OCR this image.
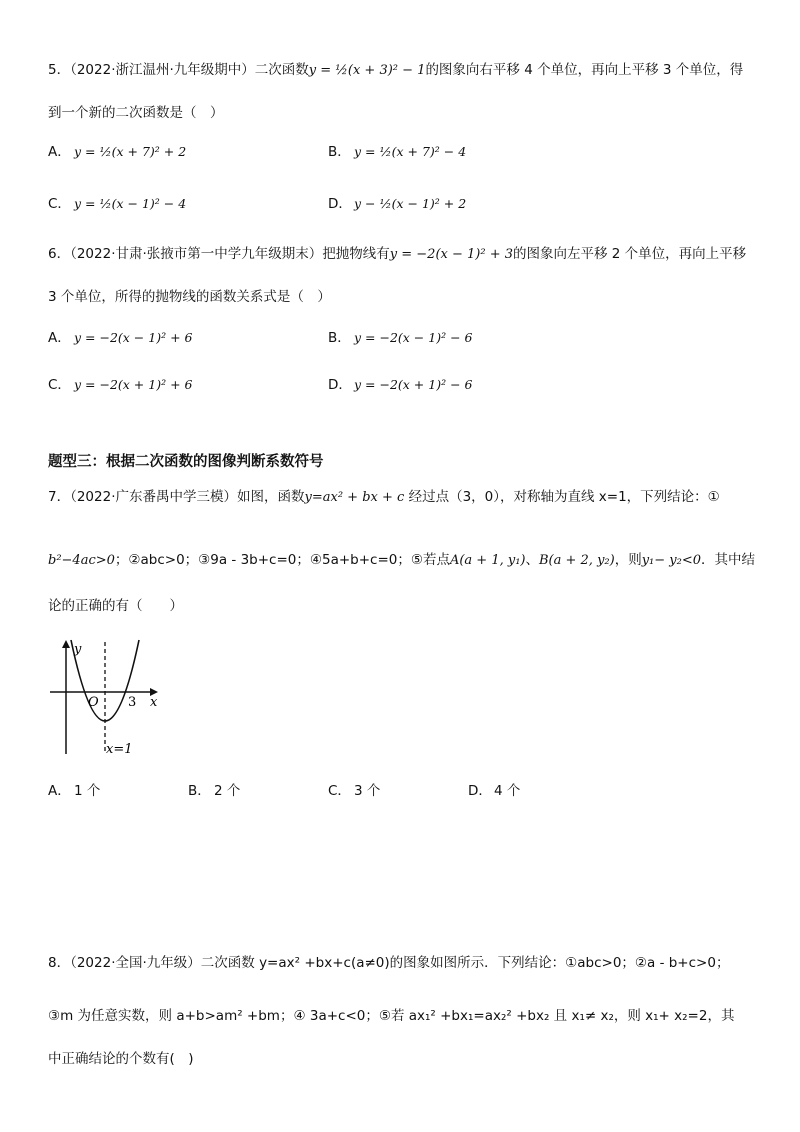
5．（2022·浙江温州·九年级期中）二次函数y = ½(x + 3)² − 1的图象向右平移 4 个单位，再向上平移 3 个单位，得
到一个新的二次函数是（　）
A． y = ½(x + 7)² + 2	B． y = ½(x + 7)² − 4
C． y = ½(x − 1)² − 4	D． y − ½(x − 1)² + 2
6．（2022·甘肃·张掖市第一中学九年级期末）把抛物线有y = −2(x − 1)² + 3的图象向左平移 2 个单位，再向上平移
3 个单位，所得的抛物线的函数关系式是（　）
A． y = −2(x − 1)² + 6	B． y = −2(x − 1)² − 6
C． y = −2(x + 1)² + 6	D． y = −2(x + 1)² − 6
题型三：根据二次函数的图像判断系数符号
7．（2022·广东番禺中学三模）如图，函数y=ax² + bx + c 经过点（3，0），对称轴为直线 x=1，下列结论：①
b²−4ac>0；②abc>0；③9a - 3b+c=0；④5a+b+c=0；⑤若点A(a + 1, y₁)、B(a + 2, y₂)，则y₁− y₂<0．其中结
论的正确的有（　　）
y
x
O 3
x=1
A． 1 个	B． 2 个	C． 3 个	D． 4 个
8．（2022·全国·九年级）二次函数 y=ax² +bx+c(a≠0)的图象如图所示．下列结论：①abc>0；②a - b+c>0；
③m 为任意实数，则 a+b>am² +bm；④ 3a+c<0；⑤若 ax₁² +bx₁=ax₂² +bx₂ 且 x₁≠ x₂，则 x₁+ x₂=2，其
中正确结论的个数有(　)
